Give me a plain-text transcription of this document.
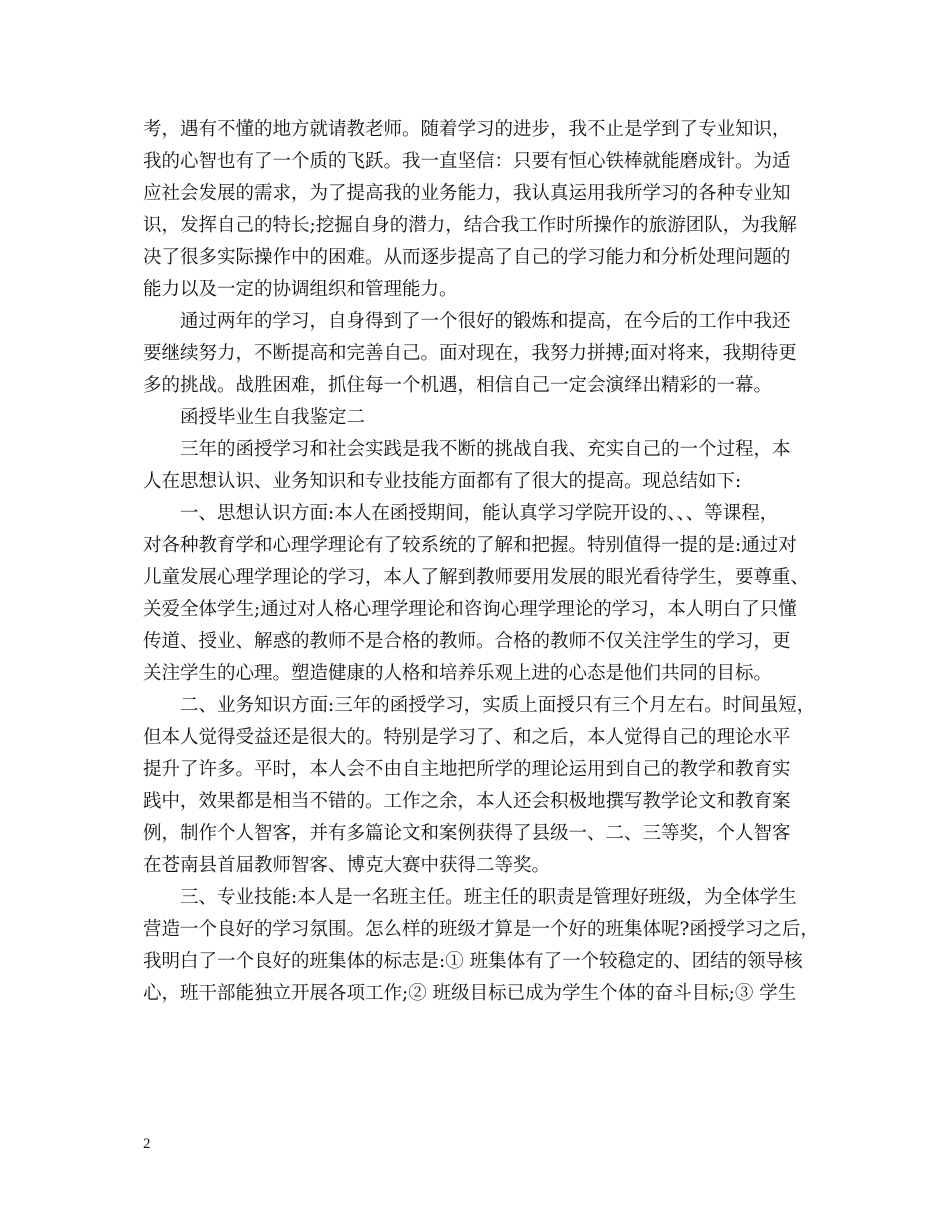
考，遇有不懂的地方就请教老师。随着学习的进步，我不止是学到了专业知识，
我的心智也有了一个质的飞跃。我一直坚信：只要有恒心铁棒就能磨成针。为适
应社会发展的需求，为了提高我的业务能力，我认真运用我所学习的各种专业知
识，发挥自己的特长;挖掘自身的潜力，结合我工作时所操作的旅游团队，为我解
决了很多实际操作中的困难。从而逐步提高了自己的学习能力和分析处理问题的
能力以及一定的协调组织和管理能力。
通过两年的学习，自身得到了一个很好的锻炼和提高，在今后的工作中我还
要继续努力，不断提高和完善自己。面对现在，我努力拼搏;面对将来，我期待更
多的挑战。战胜困难，抓住每一个机遇，相信自己一定会演绎出精彩的一幕。
函授毕业生自我鉴定二
三年的函授学习和社会实践是我不断的挑战自我、充实自己的一个过程，本
人在思想认识、业务知识和专业技能方面都有了很大的提高。现总结如下:
一、思想认识方面:本人在函授期间，能认真学习学院开设的、、、等课程，
对各种教育学和心理学理论有了较系统的了解和把握。特别值得一提的是:通过对
儿童发展心理学理论的学习，本人了解到教师要用发展的眼光看待学生，要尊重、
关爱全体学生;通过对人格心理学理论和咨询心理学理论的学习，本人明白了只懂
传道、授业、解惑的教师不是合格的教师。合格的教师不仅关注学生的学习，更
关注学生的心理。塑造健康的人格和培养乐观上进的心态是他们共同的目标。
二、业务知识方面:三年的函授学习，实质上面授只有三个月左右。时间虽短，
但本人觉得受益还是很大的。特别是学习了、和之后，本人觉得自己的理论水平
提升了许多。平时，本人会不由自主地把所学的理论运用到自己的教学和教育实
践中，效果都是相当不错的。工作之余，本人还会积极地撰写教学论文和教育案
例，制作个人智客，并有多篇论文和案例获得了县级一、二、三等奖，个人智客
在苍南县首届教师智客、博克大赛中获得二等奖。
三、专业技能:本人是一名班主任。班主任的职责是管理好班级，为全体学生
营造一个良好的学习氛围。怎么样的班级才算是一个好的班集体呢?函授学习之后，
我明白了一个良好的班集体的标志是:① 班集体有了一个较稳定的、团结的领导核
心，班干部能独立开展各项工作;② 班级目标已成为学生个体的奋斗目标;③ 学生
2
